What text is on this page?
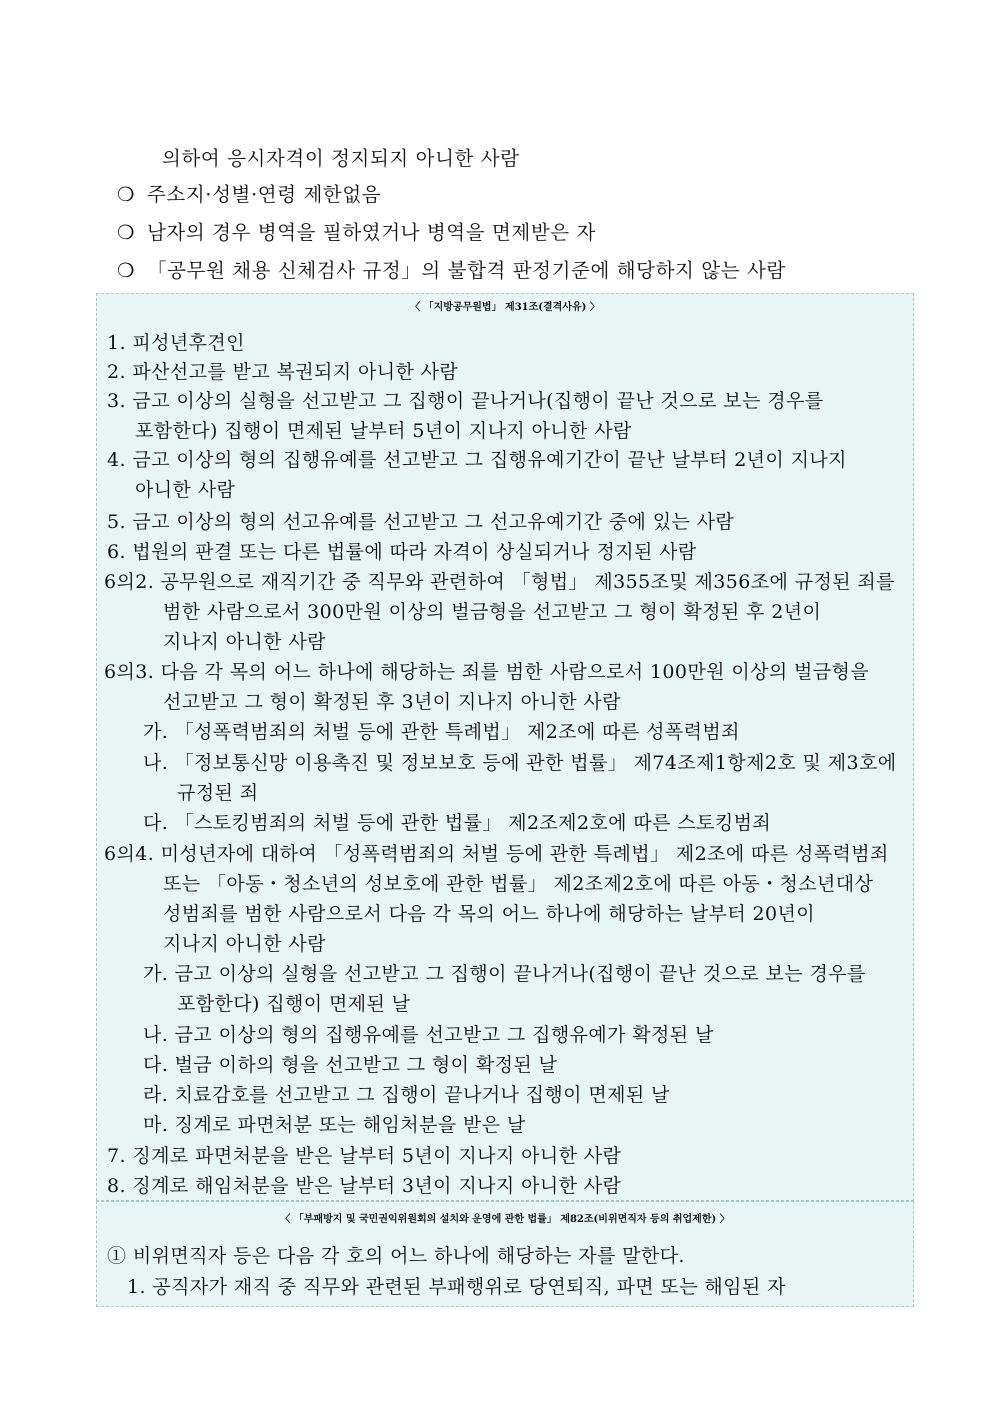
의하여 응시자격이 정지되지 아니한 사람
❍ 주소지·성별·연령 제한없음
❍ 남자의 경우 병역을 필하였거나 병역을 면제받은 자
❍ 「공무원 채용 신체검사 규정」의 불합격 판정기준에 해당하지 않는 사람
〈 「지방공무원법」 제31조(결격사유) 〉
1. 피성년후견인
2. 파산선고를 받고 복권되지 아니한 사람
3. 금고 이상의 실형을 선고받고 그 집행이 끝나거나(집행이 끝난 것으로 보는 경우를
포함한다) 집행이 면제된 날부터 5년이 지나지 아니한 사람
4. 금고 이상의 형의 집행유예를 선고받고 그 집행유예기간이 끝난 날부터 2년이 지나지
아니한 사람
5. 금고 이상의 형의 선고유예를 선고받고 그 선고유예기간 중에 있는 사람
6. 법원의 판결 또는 다른 법률에 따라 자격이 상실되거나 정지된 사람
6의2. 공무원으로 재직기간 중 직무와 관련하여 「형법」 제355조및 제356조에 규정된 죄를
범한 사람으로서 300만원 이상의 벌금형을 선고받고 그 형이 확정된 후 2년이
지나지 아니한 사람
6의3. 다음 각 목의 어느 하나에 해당하는 죄를 범한 사람으로서 100만원 이상의 벌금형을
선고받고 그 형이 확정된 후 3년이 지나지 아니한 사람
가. 「성폭력범죄의 처벌 등에 관한 특례법」 제2조에 따른 성폭력범죄
나. 「정보통신망 이용촉진 및 정보보호 등에 관한 법률」 제74조제1항제2호 및 제3호에
규정된 죄
다. 「스토킹범죄의 처벌 등에 관한 법률」 제2조제2호에 따른 스토킹범죄
6의4. 미성년자에 대하여 「성폭력범죄의 처벌 등에 관한 특례법」 제2조에 따른 성폭력범죄
또는 「아동・청소년의 성보호에 관한 법률」 제2조제2호에 따른 아동・청소년대상
성범죄를 범한 사람으로서 다음 각 목의 어느 하나에 해당하는 날부터 20년이
지나지 아니한 사람
가. 금고 이상의 실형을 선고받고 그 집행이 끝나거나(집행이 끝난 것으로 보는 경우를
포함한다) 집행이 면제된 날
나. 금고 이상의 형의 집행유예를 선고받고 그 집행유예가 확정된 날
다. 벌금 이하의 형을 선고받고 그 형이 확정된 날
라. 치료감호를 선고받고 그 집행이 끝나거나 집행이 면제된 날
마. 징계로 파면처분 또는 해임처분을 받은 날
7. 징계로 파면처분을 받은 날부터 5년이 지나지 아니한 사람
8. 징계로 해임처분을 받은 날부터 3년이 지나지 아니한 사람
〈 「부패방지 및 국민권익위원회의 설치와 운영에 관한 법률」 제82조(비위면직자 등의 취업제한) 〉
① 비위면직자 등은 다음 각 호의 어느 하나에 해당하는 자를 말한다.
1. 공직자가 재직 중 직무와 관련된 부패행위로 당연퇴직, 파면 또는 해임된 자
